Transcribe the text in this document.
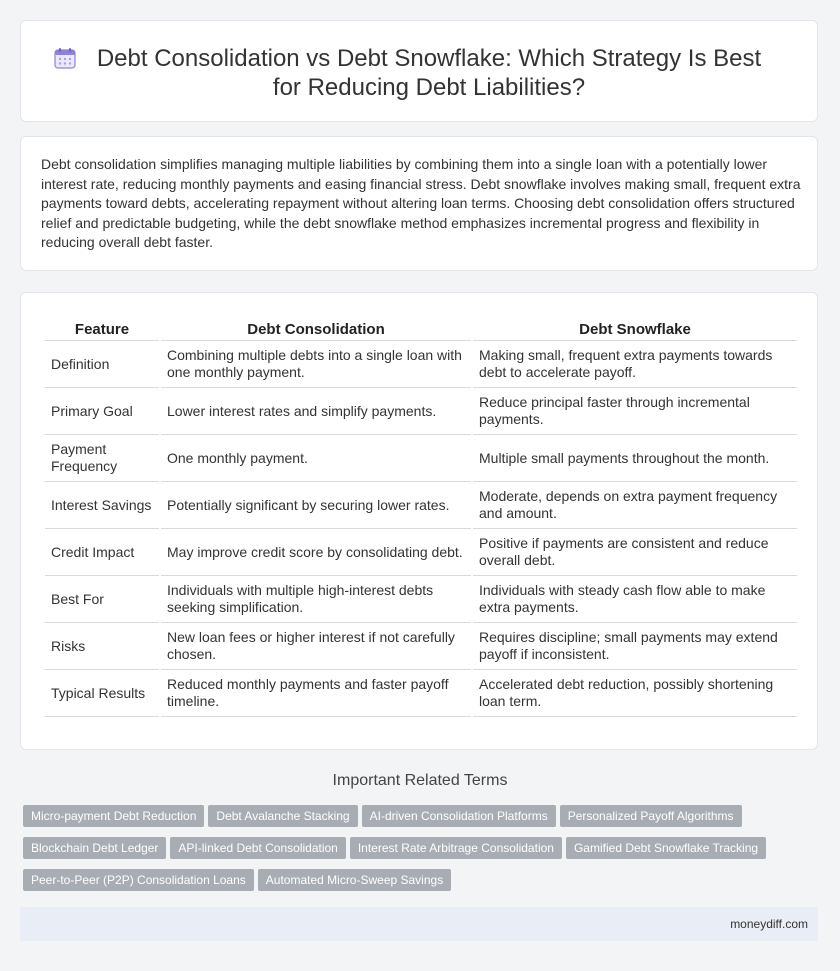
Debt Consolidation vs Debt Snowflake: Which Strategy Is Best for Reducing Debt Liabilities?

Debt consolidation simplifies managing multiple liabilities by combining them into a single loan with a potentially lower interest rate, reducing monthly payments and easing financial stress. Debt snowflake involves making small, frequent extra payments toward debts, accelerating repayment without altering loan terms. Choosing debt consolidation offers structured relief and predictable budgeting, while the debt snowflake method emphasizes incremental progress and flexibility in reducing overall debt faster.

Feature	Debt Consolidation	Debt Snowflake
Definition	Combining multiple debts into a single loan with one monthly payment.	Making small, frequent extra payments towards debt to accelerate payoff.
Primary Goal	Lower interest rates and simplify payments.	Reduce principal faster through incremental payments.
Payment Frequency	One monthly payment.	Multiple small payments throughout the month.
Interest Savings	Potentially significant by securing lower rates.	Moderate, depends on extra payment frequency and amount.
Credit Impact	May improve credit score by consolidating debt.	Positive if payments are consistent and reduce overall debt.
Best For	Individuals with multiple high-interest debts seeking simplification.	Individuals with steady cash flow able to make extra payments.
Risks	New loan fees or higher interest if not carefully chosen.	Requires discipline; small payments may extend payoff if inconsistent.
Typical Results	Reduced monthly payments and faster payoff timeline.	Accelerated debt reduction, possibly shortening loan term.
Important Related Terms
Micro-payment Debt Reduction Debt Avalanche Stacking AI-driven Consolidation Platforms Personalized Payoff AlgorithmsBlockchain Debt Ledger API-linked Debt Consolidation Interest Rate Arbitrage Consolidation Gamified Debt Snowflake TrackingPeer-to-Peer (P2P) Consolidation Loans Automated Micro-Sweep Savings
moneydiff.com
